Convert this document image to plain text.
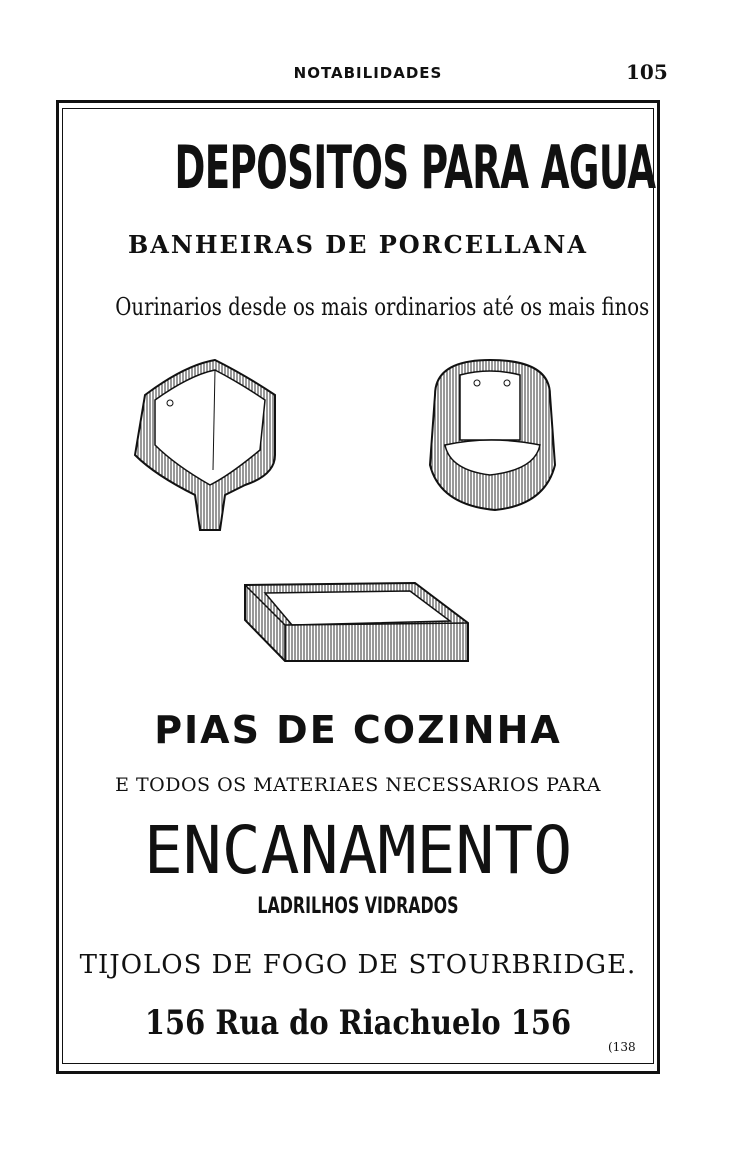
NOTABILIDADES	105
DEPOSITOS PARA AGUA
BANHEIRAS DE PORCELLANA
Ourinarios desde os mais ordinarios até os mais finos
PIAS DE COZINHA
E TODOS OS MATERIAES NECESSARIOS PARA
ENCANAMENTO
LADRILHOS VIDRADOS
TIJOLOS DE FOGO DE STOURBRIDGE.
156 Rua do Riachuelo 156
(138
